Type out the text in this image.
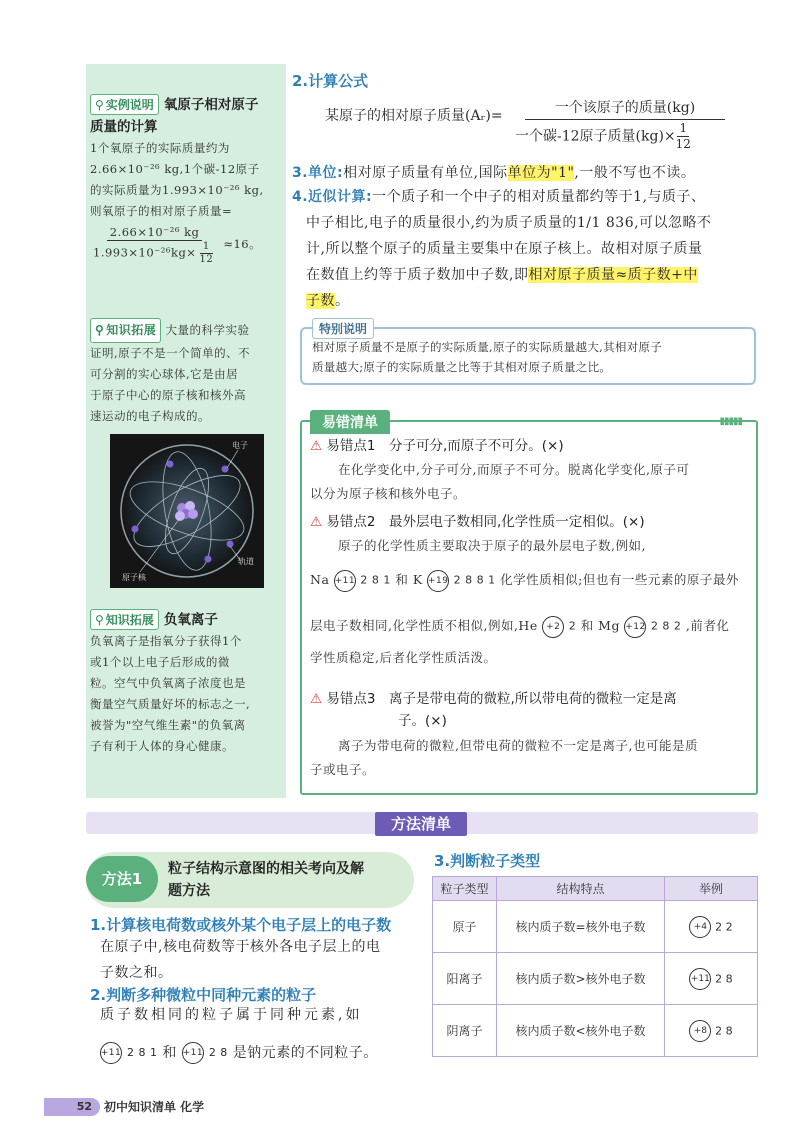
⚲ 实例说明 氧原子相对原子
质量的计算
1个氧原子的实际质量约为
2.66×10⁻²⁶ kg,1个碳-12原子
的实际质量为1.993×10⁻²⁶ kg,
则氧原子的相对原子质量=
$\frac{\text{2.66×10⁻²⁶ kg}}{1.993\times 10^{-26}kg\times \frac{1}{12}} \approx 16$。
⚲ 知识拓展 大量的科学实验
证明,原子不是一个简单的、不
可分割的实心球体,它是由居
于原子中心的原子核和核外高
速运动的电子构成的。
电子
轨道
原子核
⚲ 知识拓展 负氧离子
负氧离子是指氧分子获得1个
或1个以上电子后形成的微
粒。空气中负氧离子浓度也是
衡量空气质量好坏的标志之一,
被誉为"空气维生素"的负氧离
子有利于人体的身心健康。
2.计算公式
某原子的相对原子质量(Aᵣ)=	一个该原子的质量(kg)
一个碳-12原子质量$(kg)\times \frac{1}{12}$
3.单位:相对原子质量有单位,国际单位为"1",一般不写也不读。
4.近似计算:一个质子和一个中子的相对质量都约等于1,与质子、
中子相比,电子的质量很小,约为质子质量的1/1 836,可以忽略不
计,所以整个原子的质量主要集中在原子核上。故相对原子质量
在数值上约等于质子数加中子数,即相对原子质量≈质子数+中
子数。
特别说明
相对原子质量不是原子的实际质量,原子的实际质量越大,其相对原子
质量越大;原子的实际质量之比等于其相对原子质量之比。
易错清单	▮▮▮▮▮
⚠ 易错点1　分子可分,而原子不可分。(×)
在化学变化中,分子可分,而原子不可分。脱离化学变化,原子可
以分为原子核和核外电子。
⚠ 易错点2　最外层电子数相同,化学性质一定相似。(×)
原子的化学性质主要取决于原子的最外层电子数,例如,
Na +11 2 8 1 和 K +19 2 8 8 1 化学性质相似;但也有一些元素的原子最外
层电子数相同,化学性质不相似,例如,He +2 2 和 Mg +12 2 8 2 ,前者化
学性质稳定,后者化学性质活泼。
⚠ 易错点3　离子是带电荷的微粒,所以带电荷的微粒一定是离
子。(×)
离子为带电荷的微粒,但带电荷的微粒不一定是离子,也可能是质
子或电子。
方法清单
方法1
粒子结构示意图的相关考向及解
题方法
1.计算核电荷数或核外某个电子层上的电子数
在原子中,核电荷数等于核外各电子层上的电
子数之和。
2.判断多种微粒中同种元素的粒子
质子数相同的粒子属于同种元素,如
+11 2 8 1 和 +11 2 8 是钠元素的不同粒子。
3.判断粒子类型
粒子类型	结构特点	举例
原子	核内质子数=核外电子数	+4 2 2
阳离子	核内质子数>核外电子数	+11 2 8
阴离子	核内质子数<核外电子数	+8 2 8
52	初中知识清单 化学
